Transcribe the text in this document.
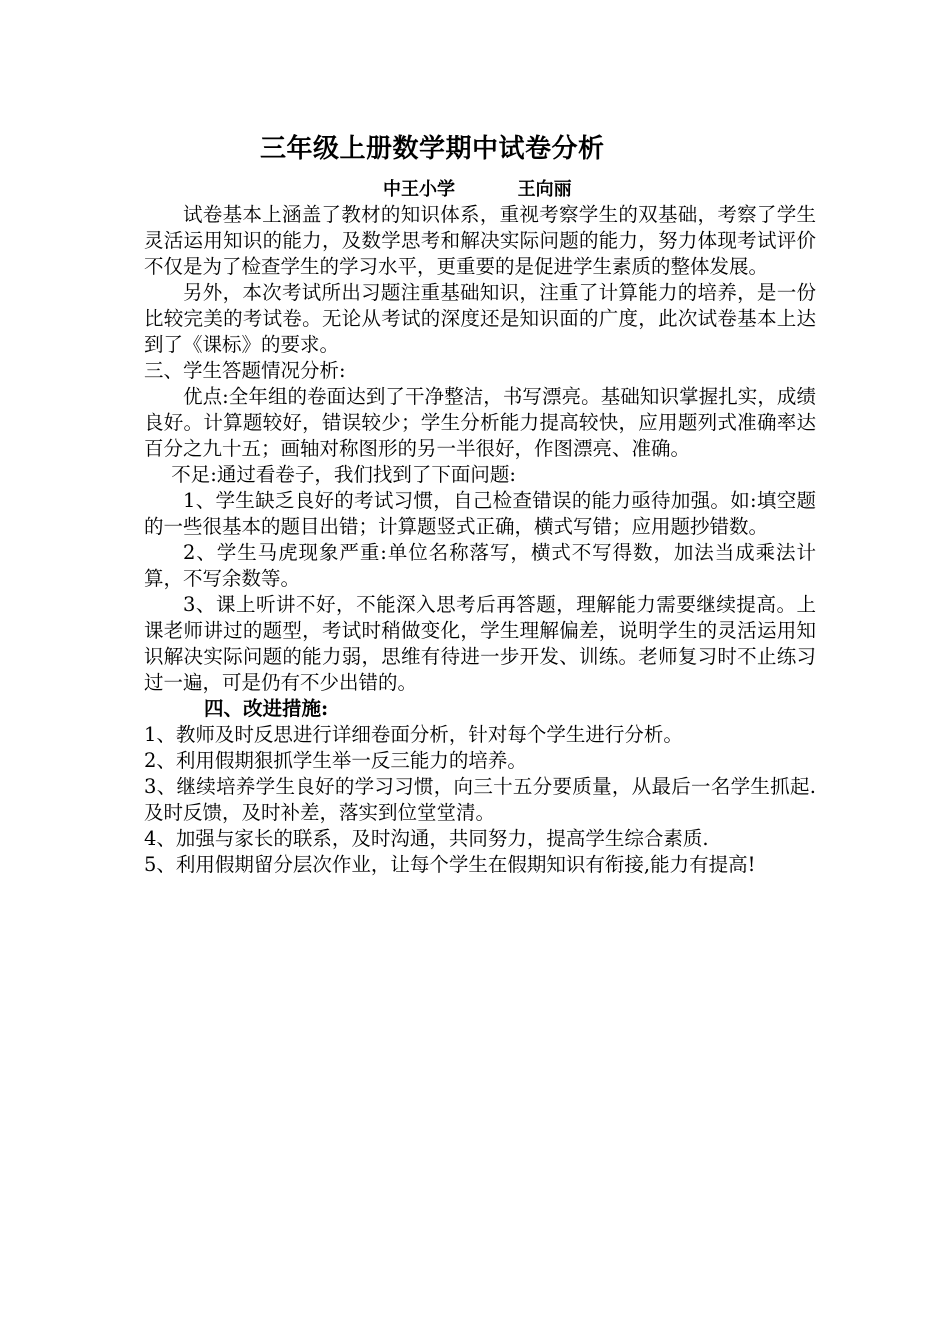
三年级上册数学期中试卷分析
中王小学          王向丽

试卷基本上涵盖了教材的知识体系，重视考察学生的双基础，考察了学生灵活运用知识的能力，及数学思考和解决实际问题的能力，努力体现考试评价不仅是为了检查学生的学习水平，更重要的是促进学生素质的整体发展。

另外，本次考试所出习题注重基础知识，注重了计算能力的培养，是一份比较完美的考试卷。无论从考试的深度还是知识面的广度，此次试卷基本上达到了《课标》的要求。

三、学生答题情况分析:

优点:全年组的卷面达到了干净整洁，书写漂亮。基础知识掌握扎实，成绩良好。计算题较好，错误较少；学生分析能力提高较快，应用题列式准确率达百分之九十五；画轴对称图形的另一半很好，作图漂亮、准确。

不足:通过看卷子，我们找到了下面问题:

1、学生缺乏良好的考试习惯，自己检查错误的能力亟待加强。如:填空题的一些很基本的题目出错；计算题竖式正确，横式写错；应用题抄错数。

2、学生马虎现象严重:单位名称落写，横式不写得数，加法当成乘法计算，不写余数等。

3、课上听讲不好，不能深入思考后再答题，理解能力需要继续提高。上课老师讲过的题型，考试时稍做变化，学生理解偏差，说明学生的灵活运用知识解决实际问题的能力弱，思维有待进一步开发、训练。老师复习时不止练习过一遍，可是仍有不少出错的。

四、改进措施:

1、教师及时反思进行详细卷面分析，针对每个学生进行分析。

2、利用假期狠抓学生举一反三能力的培养。

3、继续培养学生良好的学习习惯，向三十五分要质量，从最后一名学生抓起.及时反馈，及时补差，落实到位堂堂清。

4、加强与家长的联系，及时沟通，共同努力，提高学生综合素质.

5、利用假期留分层次作业，让每个学生在假期知识有衔接,能力有提高!
